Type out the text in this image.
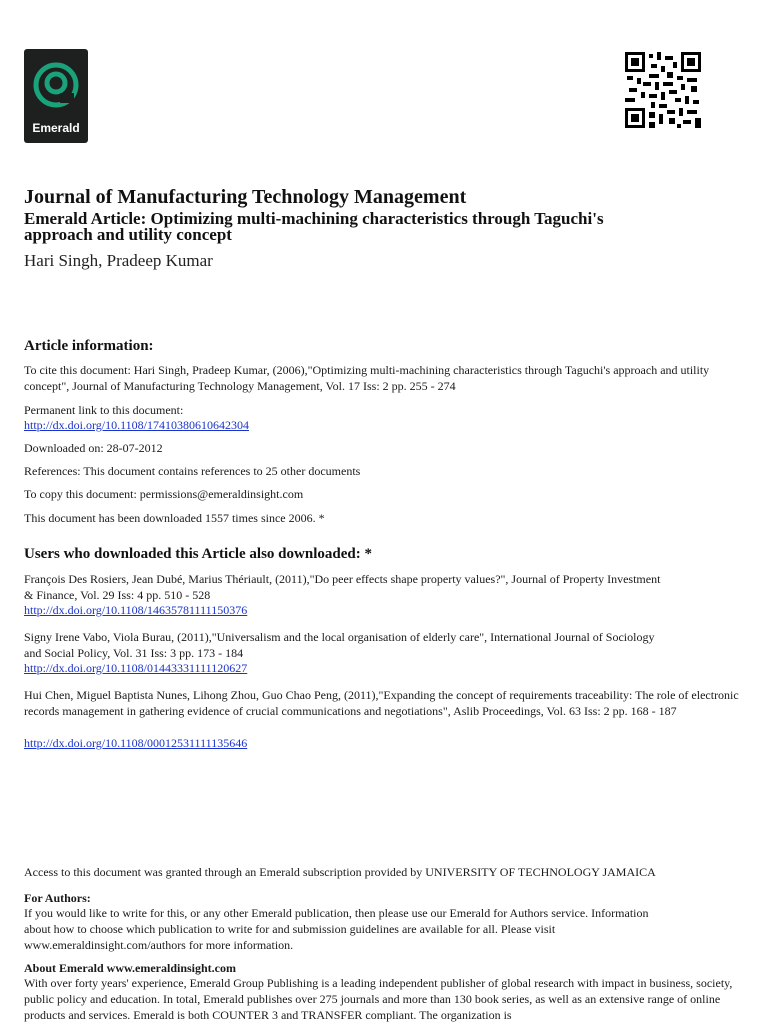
Emerald
Journal of Manufacturing Technology Management
Emerald Article: Optimizing multi-machining characteristics through Taguchi's approach and utility concept
Hari Singh, Pradeep Kumar
Article information:
To cite this document: Hari Singh, Pradeep Kumar, (2006),"Optimizing multi-machining characteristics through Taguchi's approach and utility concept", Journal of Manufacturing Technology Management, Vol. 17 Iss: 2 pp. 255 - 274
Permanent link to this document:
http://dx.doi.org/10.1108/17410380610642304
Downloaded on: 28-07-2012
References: This document contains references to 25 other documents
To copy this document: permissions@emeraldinsight.com
This document has been downloaded 1557 times since 2006. *
Users who downloaded this Article also downloaded: *
François Des Rosiers, Jean Dubé, Marius Thériault, (2011),"Do peer effects shape property values?", Journal of Property Investment & Finance, Vol. 29 Iss: 4 pp. 510 - 528
http://dx.doi.org/10.1108/14635781111150376
Signy Irene Vabo, Viola Burau, (2011),"Universalism and the local organisation of elderly care", International Journal of Sociology and Social Policy, Vol. 31 Iss: 3 pp. 173 - 184
http://dx.doi.org/10.1108/01443331111120627
Hui Chen, Miguel Baptista Nunes, Lihong Zhou, Guo Chao Peng, (2011),"Expanding the concept of requirements traceability: The role of electronic records management in gathering evidence of crucial communications and negotiations", Aslib Proceedings, Vol. 63 Iss: 2 pp. 168 - 187
http://dx.doi.org/10.1108/00012531111135646
Access to this document was granted through an Emerald subscription provided by UNIVERSITY OF TECHNOLOGY JAMAICA
For Authors:
If you would like to write for this, or any other Emerald publication, then please use our Emerald for Authors service. Information about how to choose which publication to write for and submission guidelines are available for all. Please visit www.emeraldinsight.com/authors for more information.
About Emerald www.emeraldinsight.com
With over forty years' experience, Emerald Group Publishing is a leading independent publisher of global research with impact in business, society, public policy and education. In total, Emerald publishes over 275 journals and more than 130 book series, as well as an extensive range of online products and services. Emerald is both COUNTER 3 and TRANSFER compliant. The organization is
